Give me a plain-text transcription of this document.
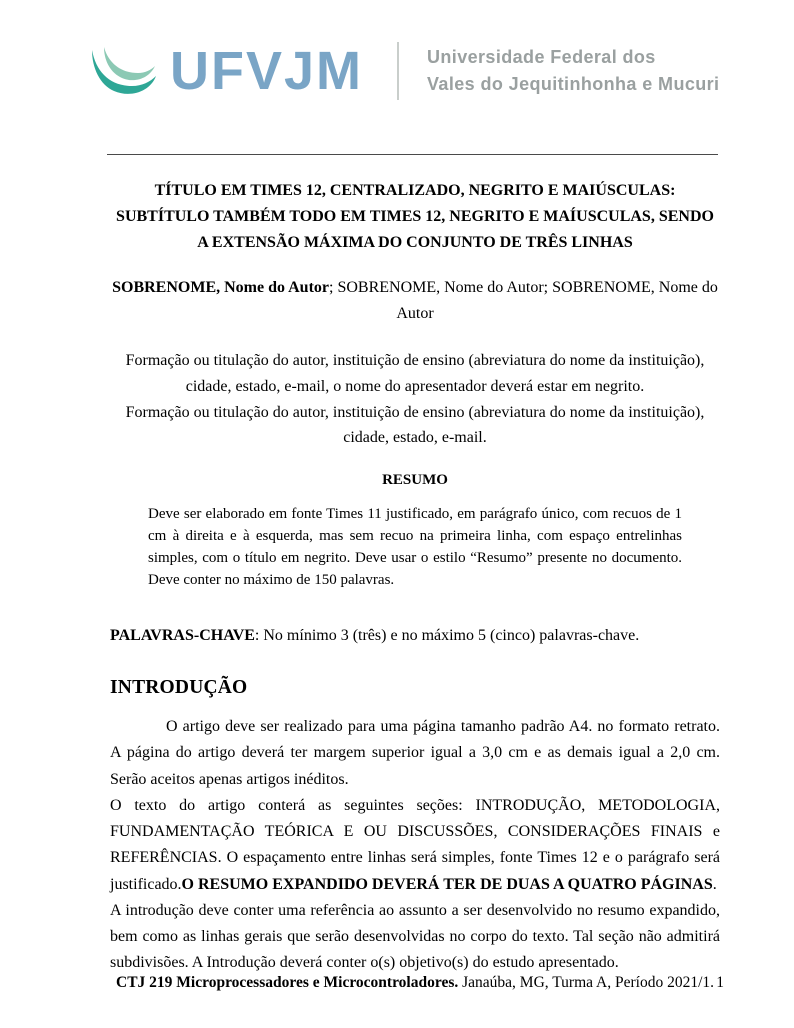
UFVJM	Universidade Federal dos
Vales do Jequitinhonha e Mucuri
TÍTULO EM TIMES 12, CENTRALIZADO, NEGRITO E MAIÚSCULAS: SUBTÍTULO TAMBÉM TODO EM TIMES 12, NEGRITO E MAÍUSCULAS, SENDO A EXTENSÃO MÁXIMA DO CONJUNTO DE TRÊS LINHAS

SOBRENOME, Nome do Autor; SOBRENOME, Nome do Autor; SOBRENOME, Nome do Autor

Formação ou titulação do autor, instituição de ensino (abreviatura do nome da instituição), cidade, estado, e-mail, o nome do apresentador deverá estar em negrito.

Formação ou titulação do autor, instituição de ensino (abreviatura do nome da instituição), cidade, estado, e-mail.

RESUMO

Deve ser elaborado em fonte Times 11 justificado, em parágrafo único, com recuos de 1 cm à direita e à esquerda, mas sem recuo na primeira linha, com espaço entrelinhas simples, com o título em negrito. Deve usar o estilo “Resumo” presente no documento. Deve conter no máximo de 150 palavras.

PALAVRAS-CHAVE: No mínimo 3 (três) e no máximo 5 (cinco) palavras-chave.

INTRODUÇÃO

O artigo deve ser realizado para uma página tamanho padrão A4. no formato retrato. A página do artigo deverá ter margem superior igual a 3,0 cm e as demais igual a 2,0 cm. Serão aceitos apenas artigos inéditos.

O texto do artigo conterá as seguintes seções: INTRODUÇÃO, METODOLOGIA, FUNDAMENTAÇÃO TEÓRICA E OU DISCUSSÕES, CONSIDERAÇÕES FINAIS e REFERÊNCIAS. O espaçamento entre linhas será simples, fonte Times 12 e o parágrafo será justificado.O RESUMO EXPANDIDO DEVERÁ TER DE DUAS A QUATRO PÁGINAS.

A introdução deve conter uma referência ao assunto a ser desenvolvido no resumo expandido, bem como as linhas gerais que serão desenvolvidas no corpo do texto. Tal seção não admitirá subdivisões. A Introdução deverá conter o(s) objetivo(s) do estudo apresentado.

CTJ 219 Microprocessadores e Microcontroladores. Janaúba, MG, Turma A, Período 2021/1. 1
